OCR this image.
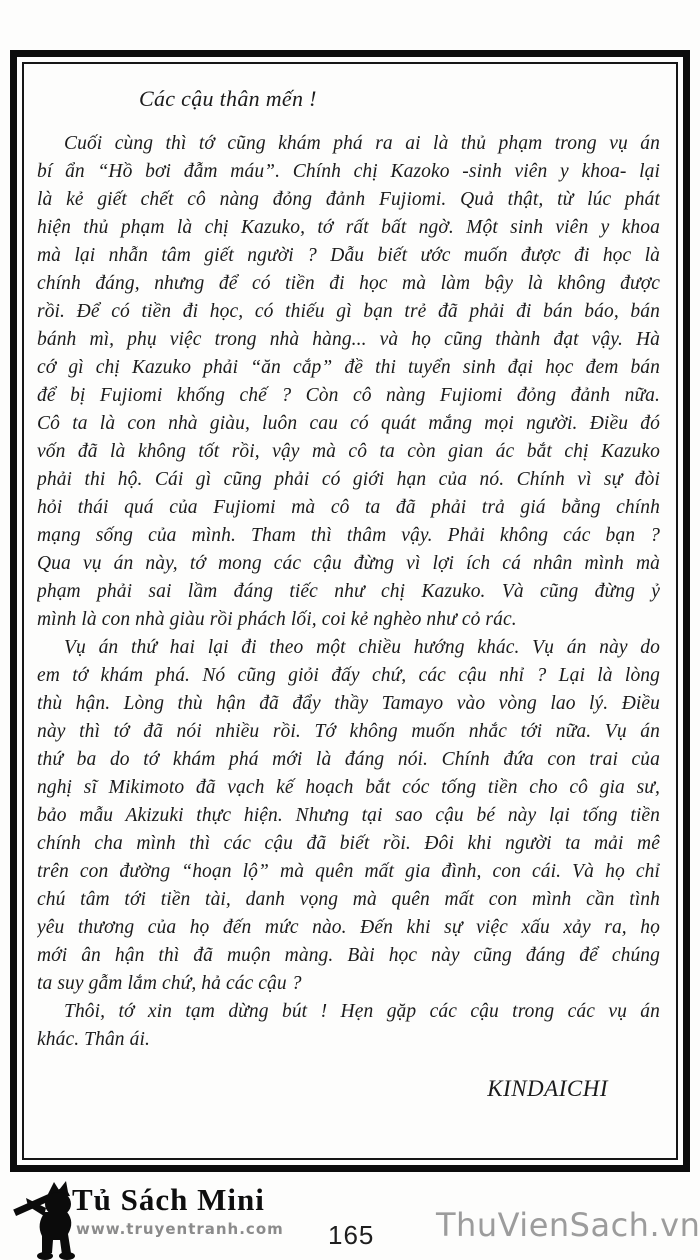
Các cậu thân mến !
Cuối cùng thì tớ cũng khám phá ra ai là thủ phạm trong vụ án
bí ẩn “Hồ bơi đẫm máu”. Chính chị Kazoko -sinh viên y khoa- lại
là kẻ giết chết cô nàng đỏng đảnh Fujiomi. Quả thật, từ lúc phát
hiện thủ phạm là chị Kazuko, tớ rất bất ngờ. Một sinh viên y khoa
mà lại nhẫn tâm giết người ? Dẫu biết ước muốn được đi học là
chính đáng, nhưng để có tiền đi học mà làm bậy là không được
rồi. Để có tiền đi học, có thiếu gì bạn trẻ đã phải đi bán báo, bán
bánh mì, phụ việc trong nhà hàng... và họ cũng thành đạt vậy. Hà
cớ gì chị Kazuko phải “ăn cắp” đề thi tuyển sinh đại học đem bán
để bị Fujiomi khống chế ? Còn cô nàng Fujiomi đỏng đảnh nữa.
Cô ta là con nhà giàu, luôn cau có quát mắng mọi người. Điều đó
vốn đã là không tốt rồi, vậy mà cô ta còn gian ác bắt chị Kazuko
phải thi hộ. Cái gì cũng phải có giới hạn của nó. Chính vì sự đòi
hỏi thái quá của Fujiomi mà cô ta đã phải trả giá bằng chính
mạng sống của mình. Tham thì thâm vậy. Phải không các bạn ?
Qua vụ án này, tớ mong các cậu đừng vì lợi ích cá nhân mình mà
phạm phải sai lầm đáng tiếc như chị Kazuko. Và cũng đừng ỷ
mình là con nhà giàu rồi phách lối, coi kẻ nghèo như cỏ rác.
Vụ án thứ hai lại đi theo một chiều hướng khác. Vụ án này do
em tớ khám phá. Nó cũng giỏi đấy chứ, các cậu nhỉ ? Lại là lòng
thù hận. Lòng thù hận đã đẩy thầy Tamayo vào vòng lao lý. Điều
này thì tớ đã nói nhiều rồi. Tớ không muốn nhắc tới nữa. Vụ án
thứ ba do tớ khám phá mới là đáng nói. Chính đứa con trai của
nghị sĩ Mikimoto đã vạch kế hoạch bắt cóc tống tiền cho cô gia sư,
bảo mẫu Akizuki thực hiện. Nhưng tại sao cậu bé này lại tống tiền
chính cha mình thì các cậu đã biết rồi. Đôi khi người ta mải mê
trên con đường “hoạn lộ” mà quên mất gia đình, con cái. Và họ chỉ
chú tâm tới tiền tài, danh vọng mà quên mất con mình cần tình
yêu thương của họ đến mức nào. Đến khi sự việc xấu xảy ra, họ
mới ân hận thì đã muộn màng. Bài học này cũng đáng để chúng
ta suy gẫm lắm chứ, hả các cậu ?
Thôi, tớ xin tạm dừng bút ! Hẹn gặp các cậu trong các vụ án
khác. Thân ái.
KINDAICHI
Tủ Sách Mini
www.truyentranh.com 165 ThuVienSach.vn
